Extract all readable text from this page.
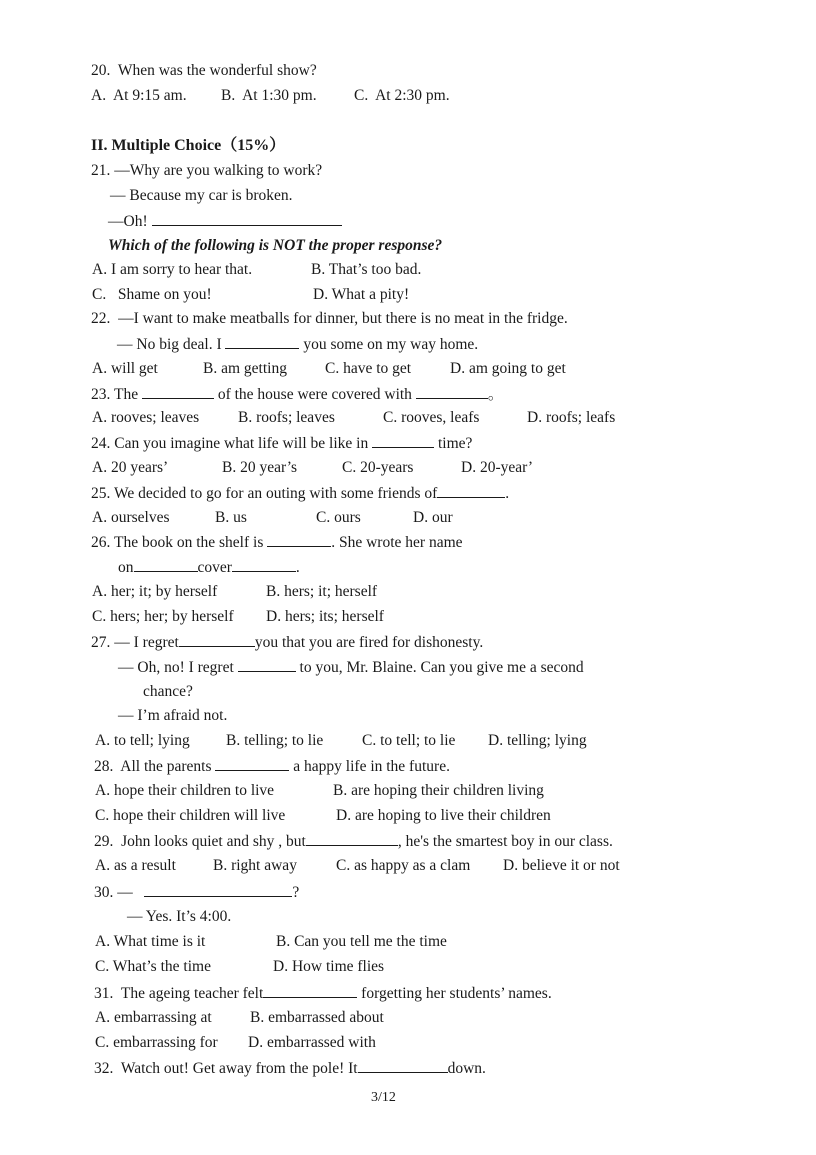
20.  When was the wonderful show?

A.  At 9:15 am.

B.  At 1:30 pm.

C.  At 2:30 pm.

II. Multiple Choice（15%）
21. —Why are you walking to work?
— Because my car is broken.
—Oh!
Which of the following is NOT the proper response?

A. I am sorry to hear that.

	B. That’s too bad.

C.   Shame on you!

	D. What a pity!

22.  —I want to make meatballs for dinner, but there is no meat in the fridge.
— No big deal. I	you some on my way home.

A. will get

	B. am getting

C. have to get

	D. am going to get

23. The	of the house were covered with	。

A. rooves; leaves

	B. roofs; leaves

	C. rooves, leafs

	D. roofs; leafs

24. Can you imagine what life will be like in	time?

A. 20 years’

	B. 20 year’s

	C. 20-years

	D. 20-year’

25. We decided to go for an outing with some friends of	.

A. ourselves

	B. us

	C. ours

	D. our

26. The book on the shelf is	. She wrote her name
on	cover	.

A. her; it; by herself

	B. hers; it; herself

C. hers; her; by herself

D. hers; its; herself

27. — I regret	you that you are fired for dishonesty.
— Oh, no! I regret	to you, Mr. Blaine. Can you give me a second
chance?
— I’m afraid not.

A. to tell; lying

B. telling; to lie

C. to tell; to lie

D. telling; lying

28.  All the parents	a happy life in the future.

A. hope their children to live

	B. are hoping their children living

C. hope their children will live

	D. are hoping to live their children

29.  John looks quiet and shy , but	, he's the smartest boy in our class.

A. as a result

B. right away

	C. as happy as a clam

D. believe it or not

30. —	?
— Yes. It’s 4:00.

A. What time is it

	B. Can you tell me the time

C. What’s the time

	D. How time flies

31.  The ageing teacher felt	forgetting her students’ names.

A. embarrassing at

B. embarrassed about

C. embarrassing for

D. embarrassed with

32.  Watch out! Get away from the pole! It	down.
3/12
